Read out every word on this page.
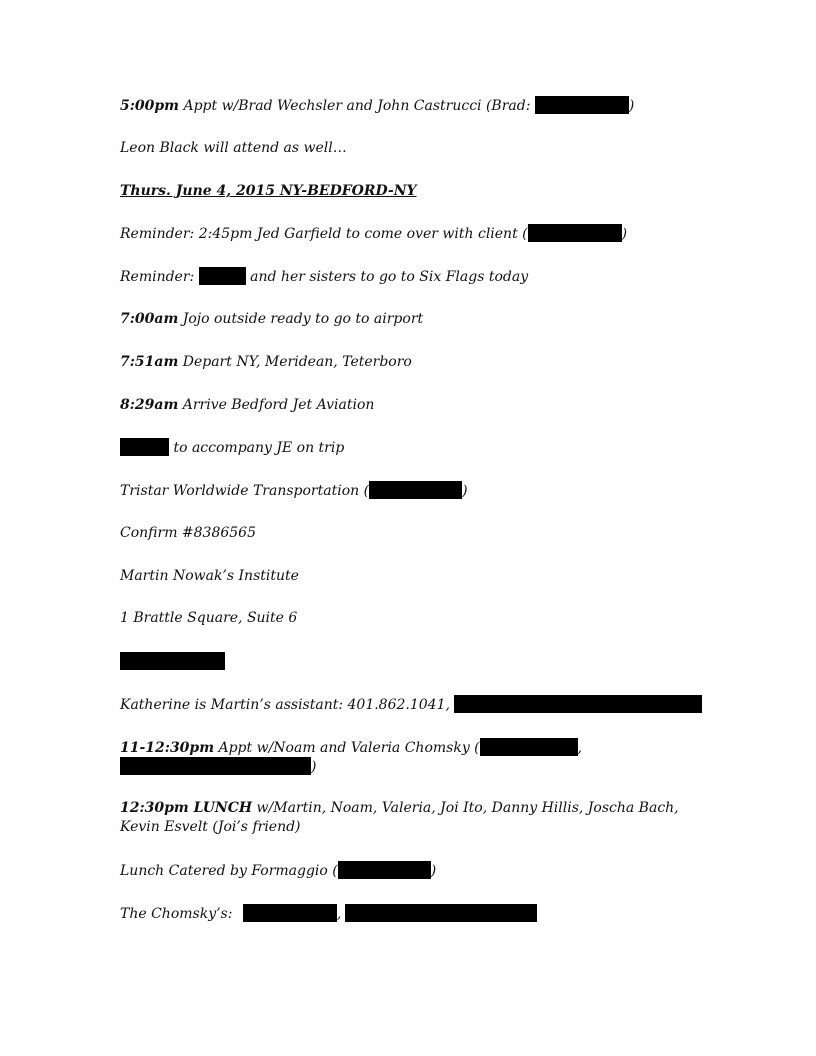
5:00pm Appt w/Brad Wechsler and John Castrucci (Brad:	)
Leon Black will attend as well…
Thurs. June 4, 2015 NY-BEDFORD-NY
Reminder: 2:45pm Jed Garfield to come over with client (	)
Reminder:	and her sisters to go to Six Flags today
7:00am Jojo outside ready to go to airport
7:51am Depart NY, Meridean, Teterboro
8:29am Arrive Bedford Jet Aviation
to accompany JE on trip
Tristar Worldwide Transportation (	)
Confirm #8386565
Martin Nowak’s Institute
1 Brattle Square, Suite 6
Katherine is Martin’s assistant: 401.862.1041,
11-12:30pm Appt w/Noam and Valeria Chomsky (	,
)
12:30pm LUNCH w/Martin, Noam, Valeria, Joi Ito, Danny Hillis, Joscha Bach, Kevin Esvelt (Joi’s friend)
Lunch Catered by Formaggio (	)
The Chomsky’s:	,
